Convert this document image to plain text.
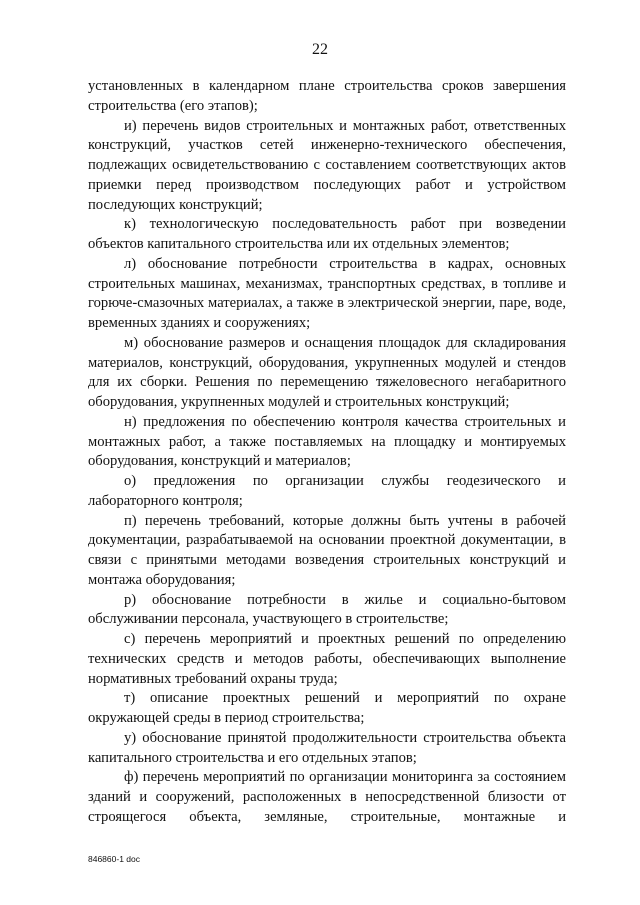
22

установленных в календарном плане строительства сроков завершения строительства (его этапов);

и) перечень видов строительных и монтажных работ, ответственных конструкций, участков сетей инженерно-технического обеспечения, подлежащих освидетельствованию с составлением соответствующих актов приемки перед производством последующих работ и устройством последующих конструкций;

к) технологическую последовательность работ при возведении объектов капитального строительства или их отдельных элементов;

л) обоснование потребности строительства в кадрах, основных строительных машинах, механизмах, транспортных средствах, в топливе и горюче-смазочных материалах, а также в электрической энергии, паре, воде, временных зданиях и сооружениях;

м) обоснование размеров и оснащения площадок для складирования материалов, конструкций, оборудования, укрупненных модулей и стендов для их сборки. Решения по перемещению тяжеловесного негабаритного оборудования, укрупненных модулей и строительных конструкций;

н) предложения по обеспечению контроля качества строительных и монтажных работ, а также поставляемых на площадку и монтируемых оборудования, конструкций и материалов;

о) предложения по организации службы геодезического и лабораторного контроля;

п) перечень требований, которые должны быть учтены в рабочей документации, разрабатываемой на основании проектной документации, в связи с принятыми методами возведения строительных конструкций и монтажа оборудования;

р) обоснование потребности в жилье и социально-бытовом обслуживании персонала, участвующего в строительстве;

с) перечень мероприятий и проектных решений по определению технических средств и методов работы, обеспечивающих выполнение нормативных требований охраны труда;

т) описание проектных решений и мероприятий по охране окружающей среды в период строительства;

у) обоснование принятой продолжительности строительства объекта капитального строительства и его отдельных этапов;

ф) перечень мероприятий по организации мониторинга за состоянием зданий и сооружений, расположенных в непосредственной близости от строящегося объекта, земляные, строительные, монтажные и

846860-1 doc
